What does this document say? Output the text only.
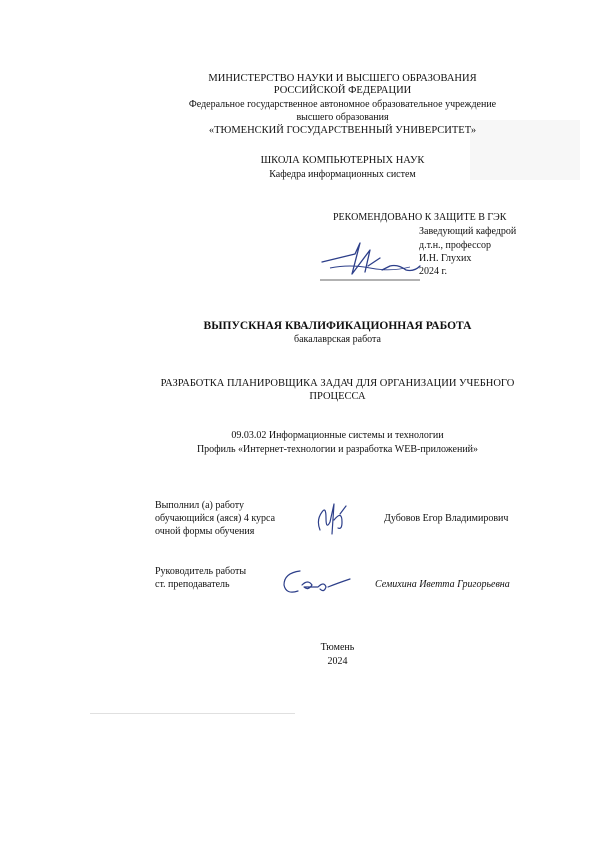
МИНИСТЕРСТВО НАУКИ И ВЫСШЕГО ОБРАЗОВАНИЯ
РОССИЙСКОЙ ФЕДЕРАЦИИ
Федеральное государственное автономное образовательное учреждение
высшего образования
«ТЮМЕНСКИЙ ГОСУДАРСТВЕННЫЙ УНИВЕРСИТЕТ»
ШКОЛА КОМПЬЮТЕРНЫХ НАУК
Кафедра информационных систем
РЕКОМЕНДОВАНО К ЗАЩИТЕ В ГЭК
Заведующий кафедрой
д.т.н., профессор
И.Н. Глухих
2024 г.
ВЫПУСКНАЯ КВАЛИФИКАЦИОННАЯ РАБОТА
бакалаврская работа
РАЗРАБОТКА ПЛАНИРОВЩИКА ЗАДАЧ ДЛЯ ОРГАНИЗАЦИИ УЧЕБНОГО
ПРОЦЕССА
09.03.02 Информационные системы и технологии
Профиль «Интернет-технологии и разработка WEB-приложений»
Выполнил (а) работу
обучающийся (аяся) 4 курса
очной формы обучения
Дубовов Егор Владимирович
Руководитель работы
ст. преподаватель	Семихина Иветта Григорьевна
Тюмень
2024
